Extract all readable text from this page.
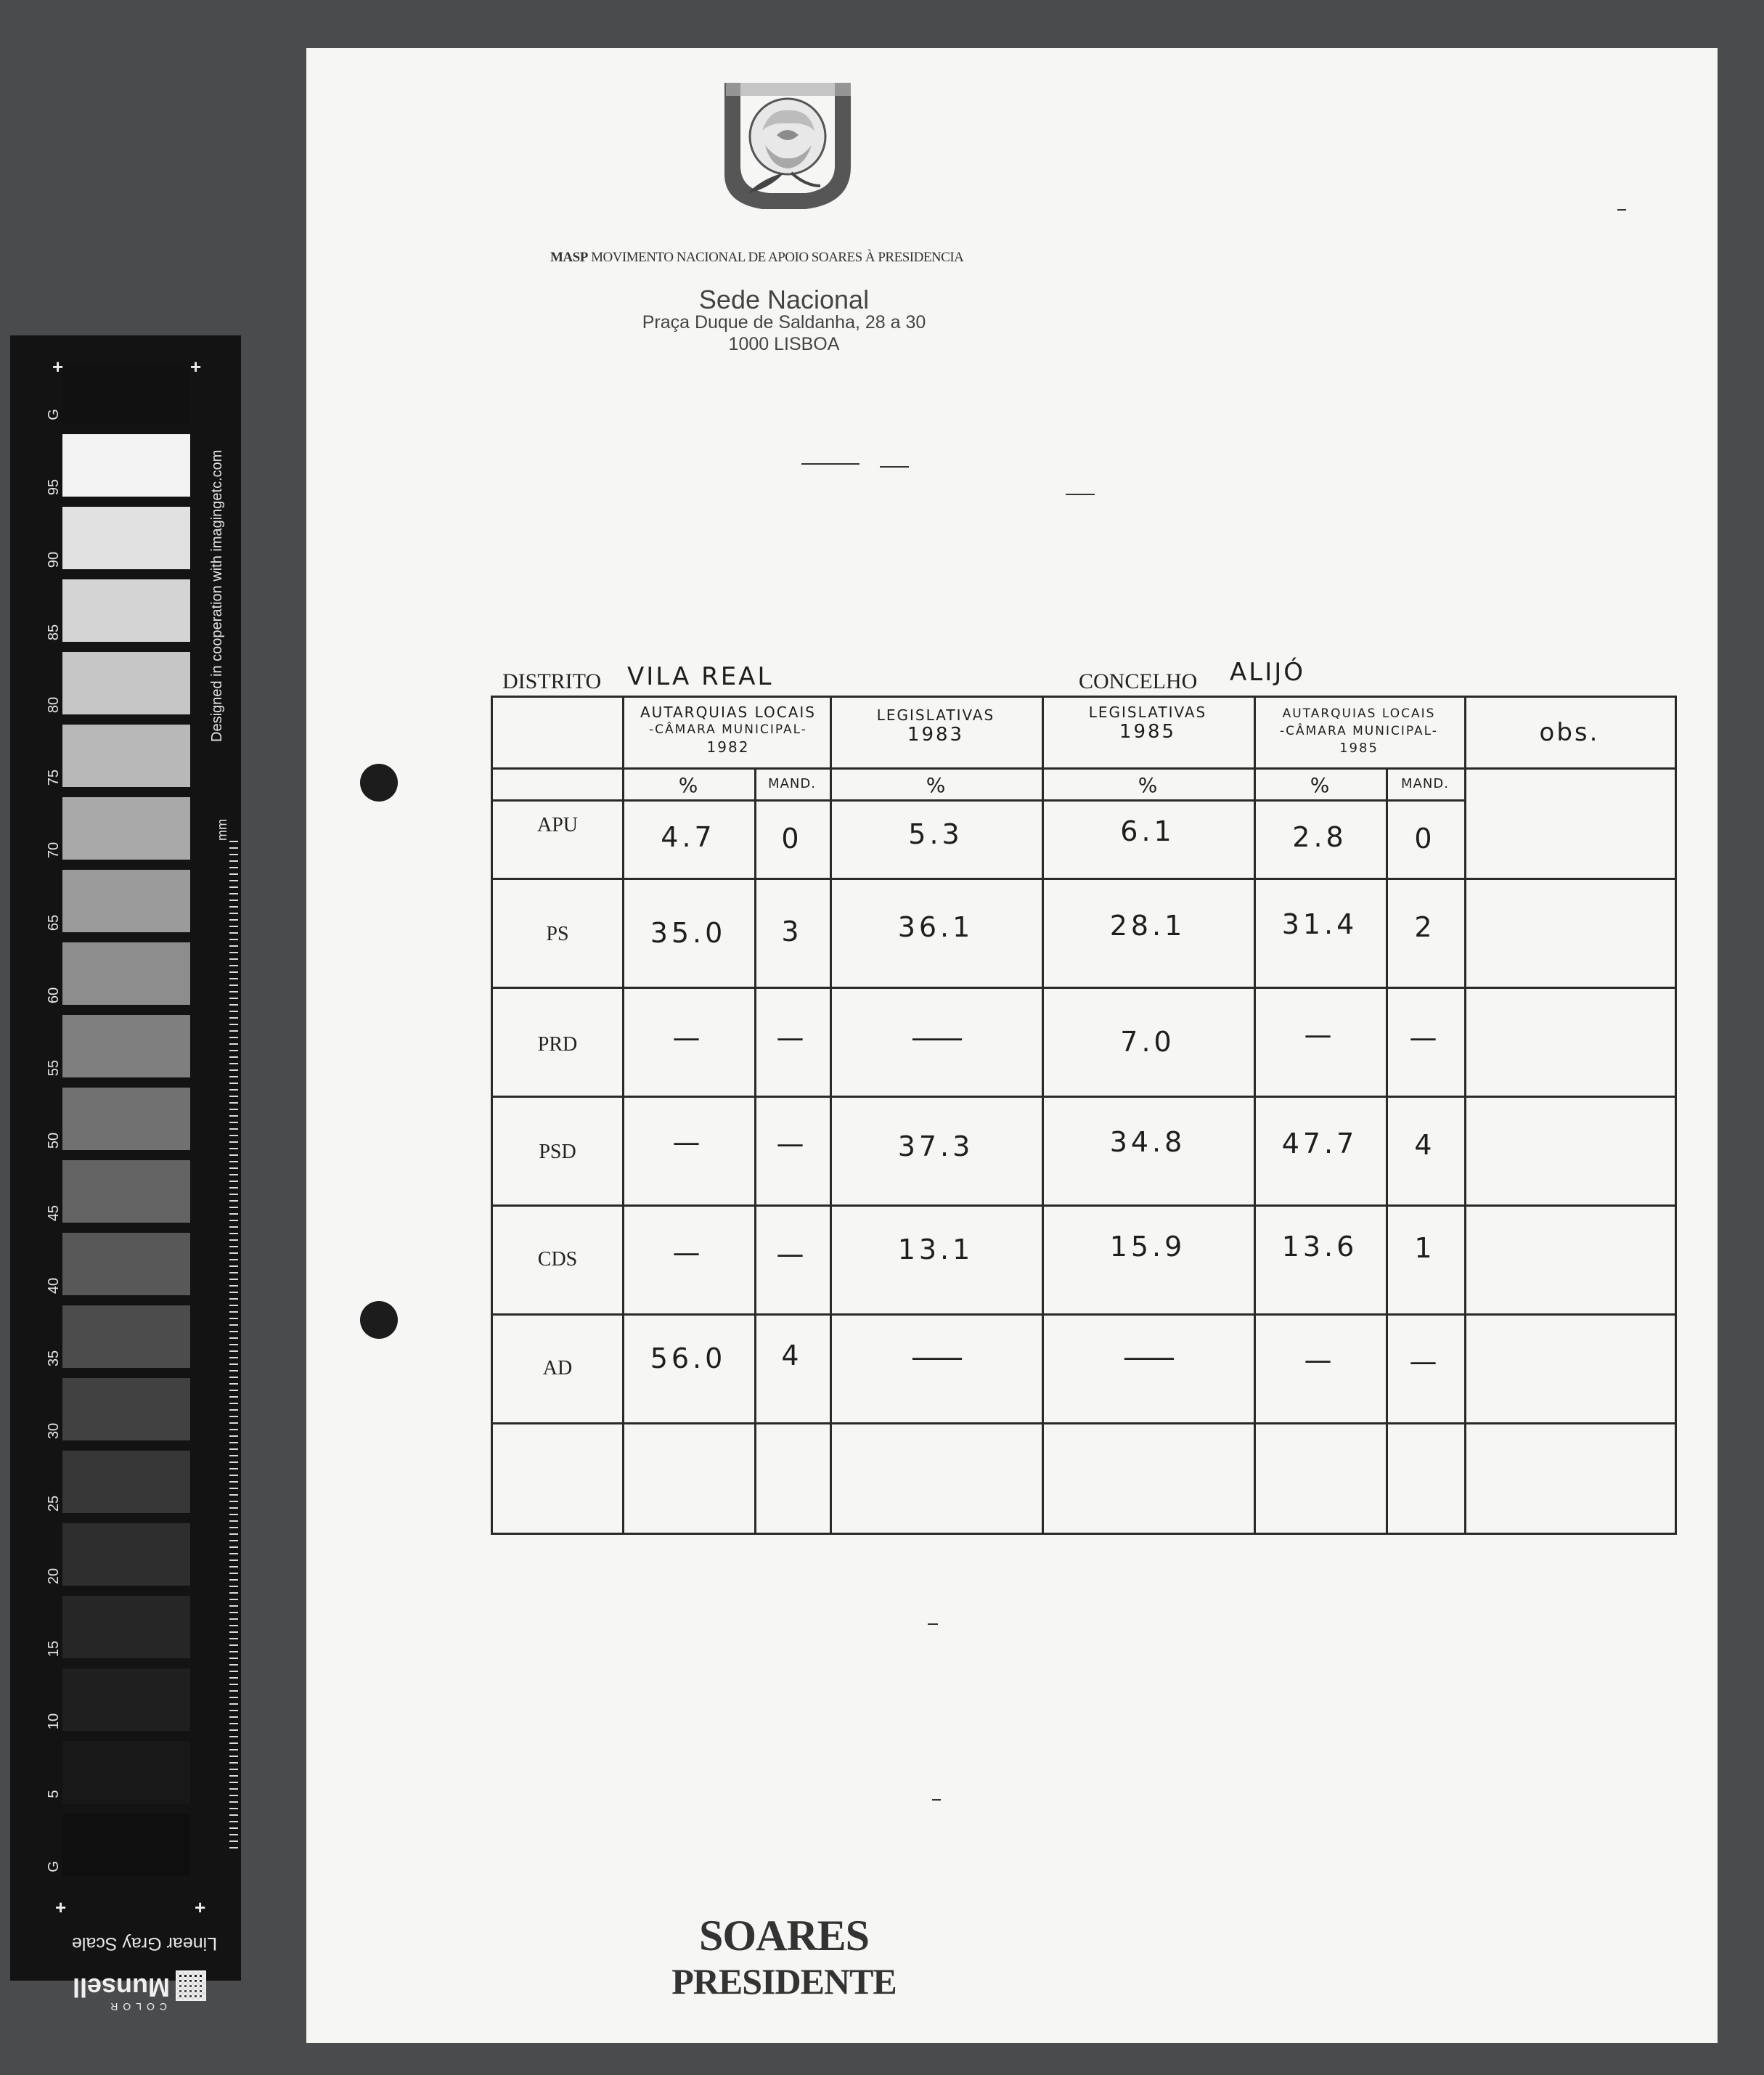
G
95
90
85
80
75
70
65
60
55
50
45
40
35
30
25
20
15
10
5
G
+	+
+	+
Designed in cooperation with imagingetc.com
mm
Linear Gray Scale
COLOR
Munsell
MASP MOVIMENTO NACIONAL DE APOIO SOARES À PRESIDENCIA
Sede Nacional
Praça Duque de Saldanha, 28 a 30
1000 LISBOA
DISTRITO VILA REAL	CONCELHO ALIJÓ
AUTARQUIAS LOCAIS
-CÂMARA MUNICIPAL-
1982
LEGISLATIVAS
1983
LEGISLATIVAS
1985
AUTARQUIAS LOCAIS
-CÂMARA MUNICIPAL-
1985
obs.
%	MAND.	%	%	%	MAND.
APU	4.7	0	5.3	6.1	2.8	0
PS	35.0	3	36.1	28.1	31.4	2
PRD	—	—	——	7.0	—	—
PSD	—	—	37.3	34.8	47.7	4
CDS	—	—	13.1	15.9	13.6	1
AD	56.0	4	——	——	—	—
SOARES
PRESIDENTE
